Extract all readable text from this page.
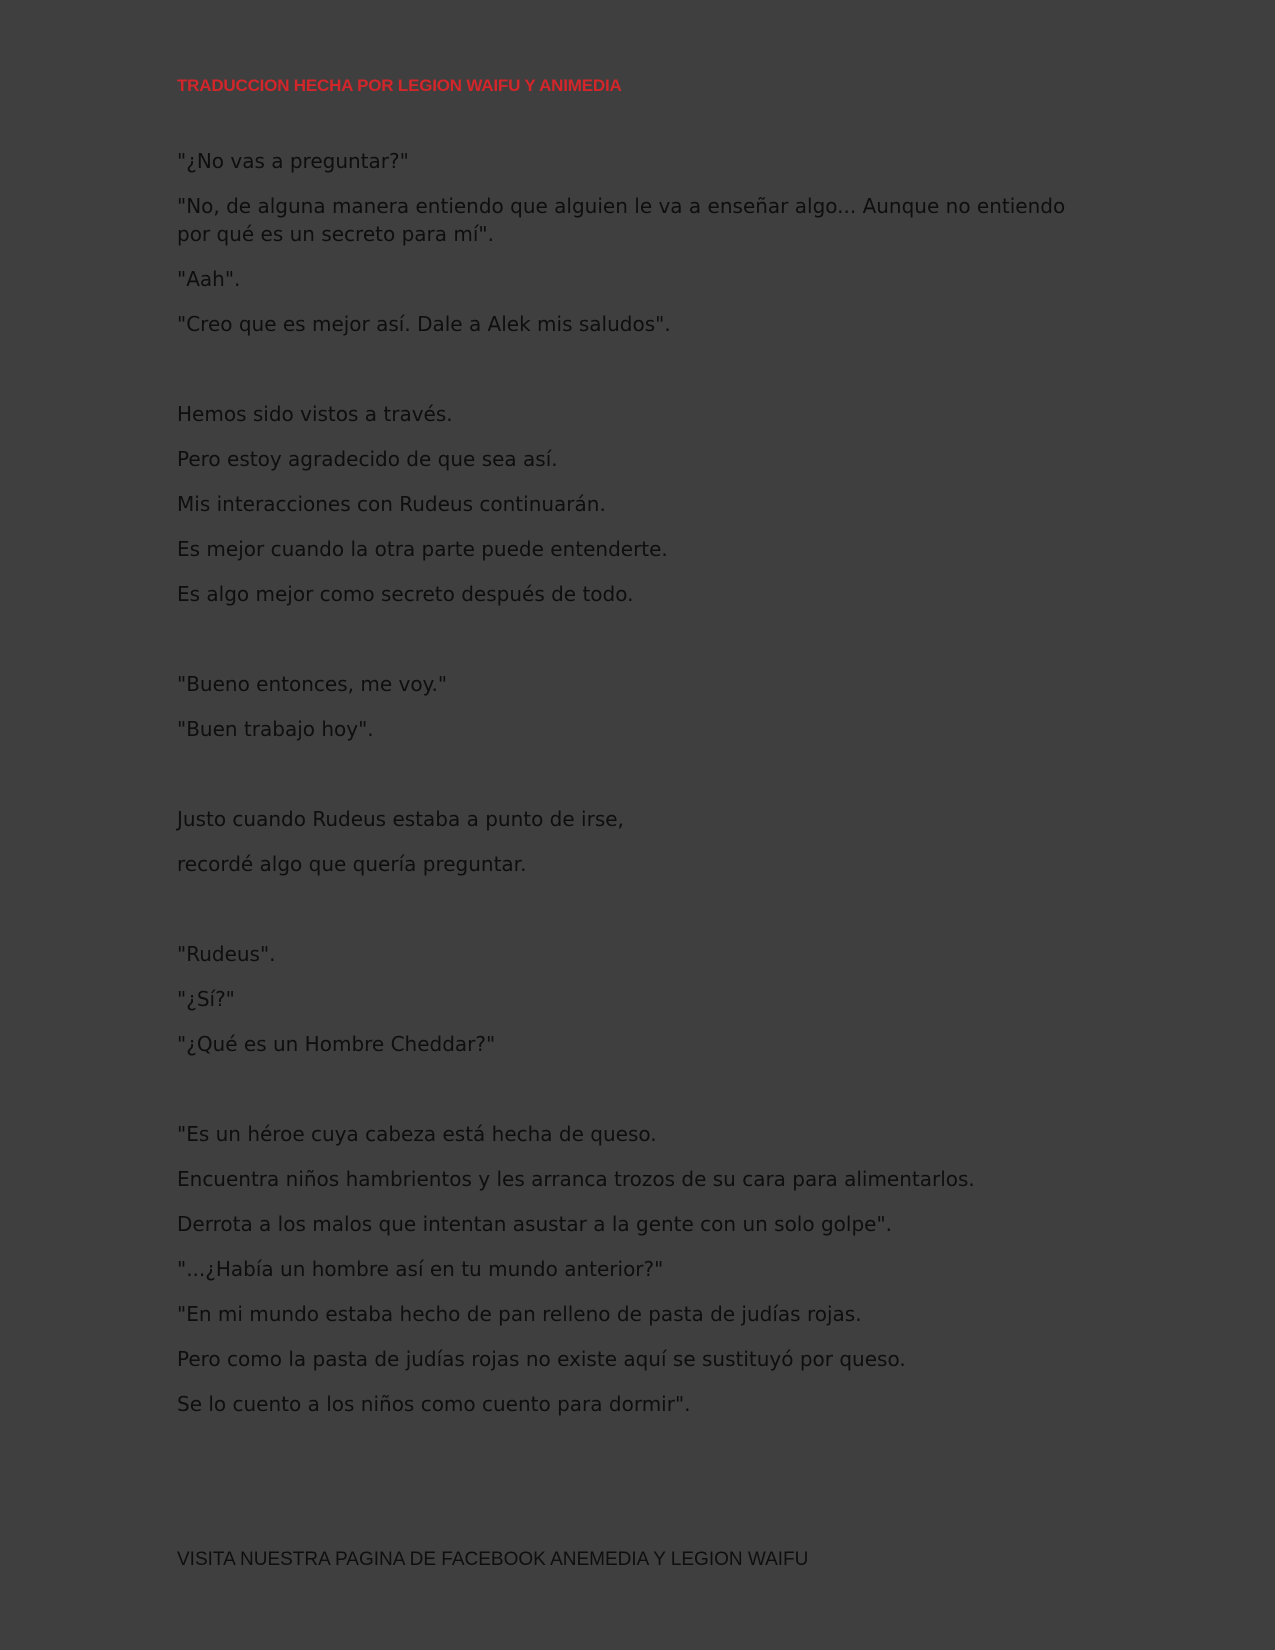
TRADUCCION HECHA POR LEGION WAIFU Y ANIMEDIA

"¿No vas a preguntar?"

"No, de alguna manera entiendo que alguien le va a enseñar algo... Aunque no entiendo por qué es un secreto para mí".

"Aah".

"Creo que es mejor así. Dale a Alek mis saludos".

Hemos sido vistos a través.

Pero estoy agradecido de que sea así.

Mis interacciones con Rudeus continuarán.

Es mejor cuando la otra parte puede entenderte.

Es algo mejor como secreto después de todo.

"Bueno entonces, me voy."

"Buen trabajo hoy".

Justo cuando Rudeus estaba a punto de irse,

recordé algo que quería preguntar.

"Rudeus".

"¿Sí?"

"¿Qué es un Hombre Cheddar?"

"Es un héroe cuya cabeza está hecha de queso.

Encuentra niños hambrientos y les arranca trozos de su cara para alimentarlos.

Derrota a los malos que intentan asustar a la gente con un solo golpe".

"...¿Había un hombre así en tu mundo anterior?"

"En mi mundo estaba hecho de pan relleno de pasta de judías rojas.

Pero como la pasta de judías rojas no existe aquí se sustituyó por queso.

Se lo cuento a los niños como cuento para dormir".

VISITA NUESTRA PAGINA DE FACEBOOK ANEMEDIA Y LEGION WAIFU
